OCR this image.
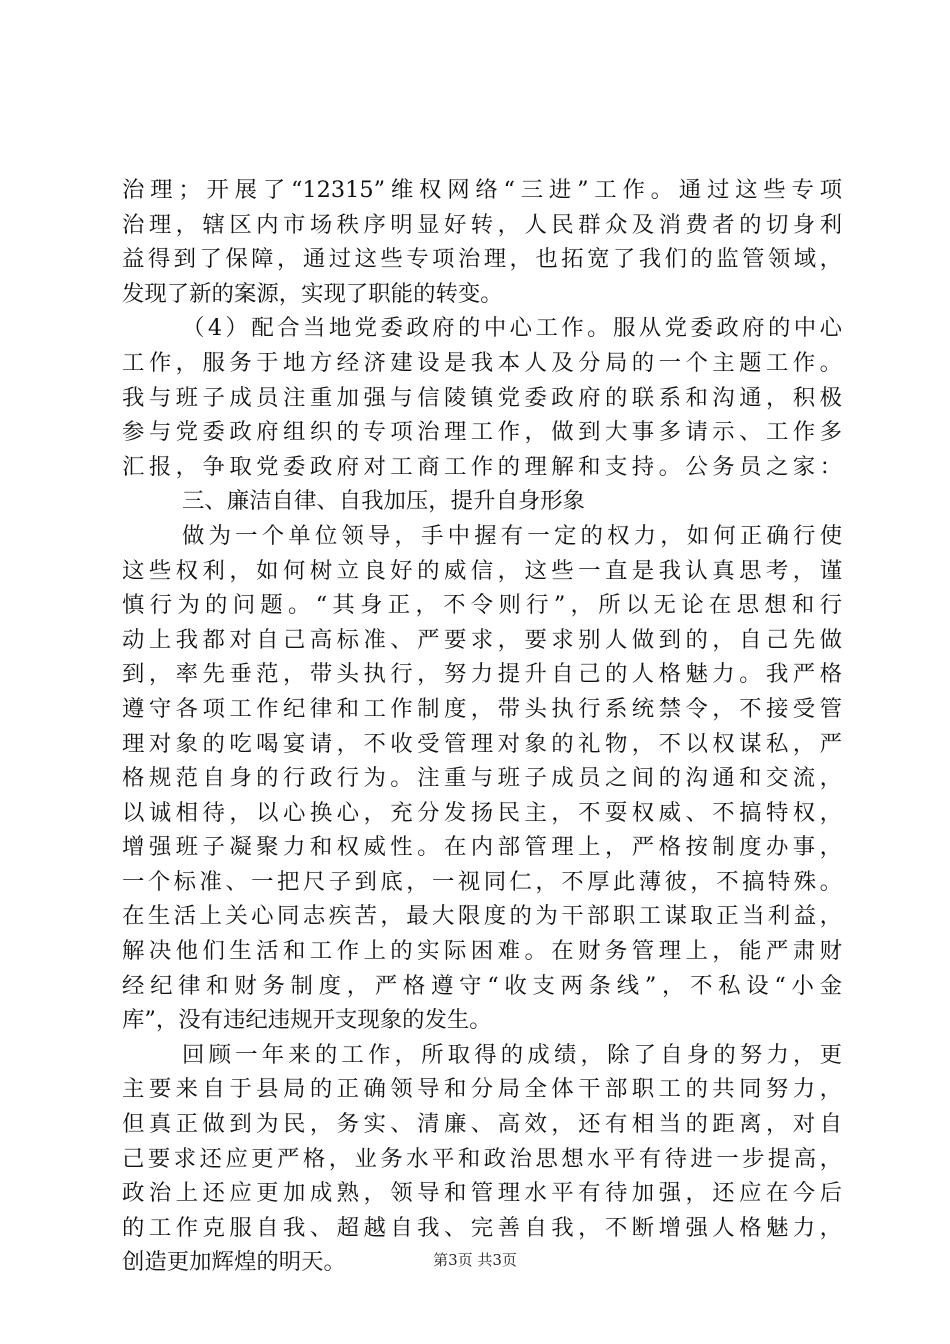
治理；开展了“12315”维权网络“三进”工作。通过这些专项
治理，辖区内市场秩序明显好转，人民群众及消费者的切身利
益得到了保障，通过这些专项治理，也拓宽了我们的监管领域，
发现了新的案源，实现了职能的转变。
（4）配合当地党委政府的中心工作。服从党委政府的中心
工作，服务于地方经济建设是我本人及分局的一个主题工作。
我与班子成员注重加强与信陵镇党委政府的联系和沟通，积极
参与党委政府组织的专项治理工作，做到大事多请示、工作多
汇报，争取党委政府对工商工作的理解和支持。公务员之家：
三、廉洁自律、自我加压，提升自身形象
做为一个单位领导，手中握有一定的权力，如何正确行使
这些权利，如何树立良好的威信，这些一直是我认真思考，谨
慎行为的问题。“其身正，不令则行”，所以无论在思想和行
动上我都对自己高标准、严要求，要求别人做到的，自己先做
到，率先垂范，带头执行，努力提升自己的人格魅力。我严格
遵守各项工作纪律和工作制度，带头执行系统禁令，不接受管
理对象的吃喝宴请，不收受管理对象的礼物，不以权谋私，严
格规范自身的行政行为。注重与班子成员之间的沟通和交流，
以诚相待，以心换心，充分发扬民主，不耍权威、不搞特权，
增强班子凝聚力和权威性。在内部管理上，严格按制度办事，
一个标准、一把尺子到底，一视同仁，不厚此薄彼，不搞特殊。
在生活上关心同志疾苦，最大限度的为干部职工谋取正当利益，
解决他们生活和工作上的实际困难。在财务管理上，能严肃财
经纪律和财务制度，严格遵守“收支两条线”，不私设“小金
库”，没有违纪违规开支现象的发生。
回顾一年来的工作，所取得的成绩，除了自身的努力，更
主要来自于县局的正确领导和分局全体干部职工的共同努力，
但真正做到为民，务实、清廉、高效，还有相当的距离，对自
己要求还应更严格，业务水平和政治思想水平有待进一步提高，
政治上还应更加成熟，领导和管理水平有待加强，还应在今后
的工作克服自我、超越自我、完善自我，不断增强人格魅力，
创造更加辉煌的明天。	第3页 共3页
